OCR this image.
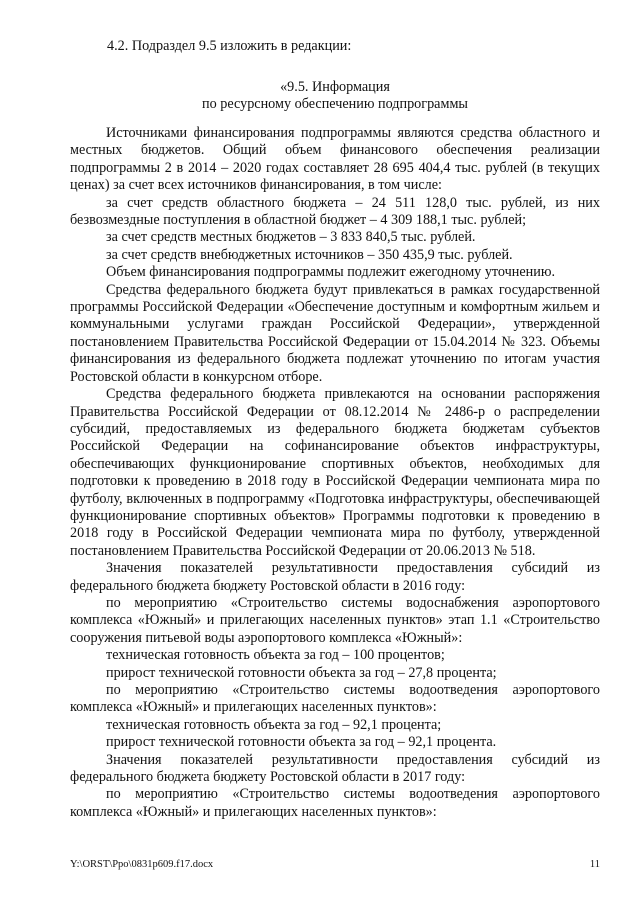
4.2. Подраздел 9.5 изложить в редакции:
«9.5. Информация
по ресурсному обеспечению подпрограммы

Источниками финансирования подпрограммы являются средства областного и местных бюджетов. Общий объем финансового обеспечения реализации подпрограммы 2 в 2014 – 2020 годах составляет 28 695 404,4 тыс. рублей (в текущих ценах) за счет всех источников финансирования, в том числе:

за счет средств областного бюджета – 24 511 128,0 тыс. рублей, из них безвозмездные поступления в областной бюджет – 4 309 188,1 тыс. рублей;

за счет средств местных бюджетов – 3 833 840,5 тыс. рублей.

за счет средств внебюджетных источников – 350 435,9 тыс. рублей.

Объем финансирования подпрограммы подлежит ежегодному уточнению.

Средства федерального бюджета будут привлекаться в рамках государственной программы Российской Федерации «Обеспечение доступным и комфортным жильем и коммунальными услугами граждан Российской Федерации», утвержденной постановлением Правительства Российской Федерации от 15.04.2014 № 323. Объемы финансирования из федерального бюджета подлежат уточнению по итогам участия Ростовской области в конкурсном отборе.

Средства федерального бюджета привлекаются на основании распоряжения Правительства Российской Федерации от 08.12.2014 № 2486-р о распределении субсидий, предоставляемых из федерального бюджета бюджетам субъектов Российской Федерации на софинансирование объектов инфраструктуры, обеспечивающих функционирование спортивных объектов, необходимых для подготовки к проведению в 2018 году в Российской Федерации чемпионата мира по футболу, включенных в подпрограмму «Подготовка инфраструктуры, обеспечивающей функционирование спортивных объектов» Программы подготовки к проведению в 2018 году в Российской Федерации чемпионата мира по футболу, утвержденной постановлением Правительства Российской Федерации от 20.06.2013 № 518.

Значения показателей результативности предоставления субсидий из федерального бюджета бюджету Ростовской области в 2016 году:

по мероприятию «Строительство системы водоснабжения аэропортового комплекса «Южный» и прилегающих населенных пунктов» этап 1.1 «Строительство сооружения питьевой воды аэропортового комплекса «Южный»:

техническая готовность объекта за год – 100 процентов;

прирост технической готовности объекта за год – 27,8 процента;

по мероприятию «Строительство системы водоотведения аэропортового комплекса «Южный» и прилегающих населенных пунктов»:

техническая готовность объекта за год – 92,1 процента;

прирост технической готовности объекта за год – 92,1 процента.

Значения показателей результативности предоставления субсидий из федерального бюджета бюджету Ростовской области в 2017 году:

по мероприятию «Строительство системы водоотведения аэропортового комплекса «Южный» и прилегающих населенных пунктов»:

Y:\ORST\Ppo\0831p609.f17.docx	11
